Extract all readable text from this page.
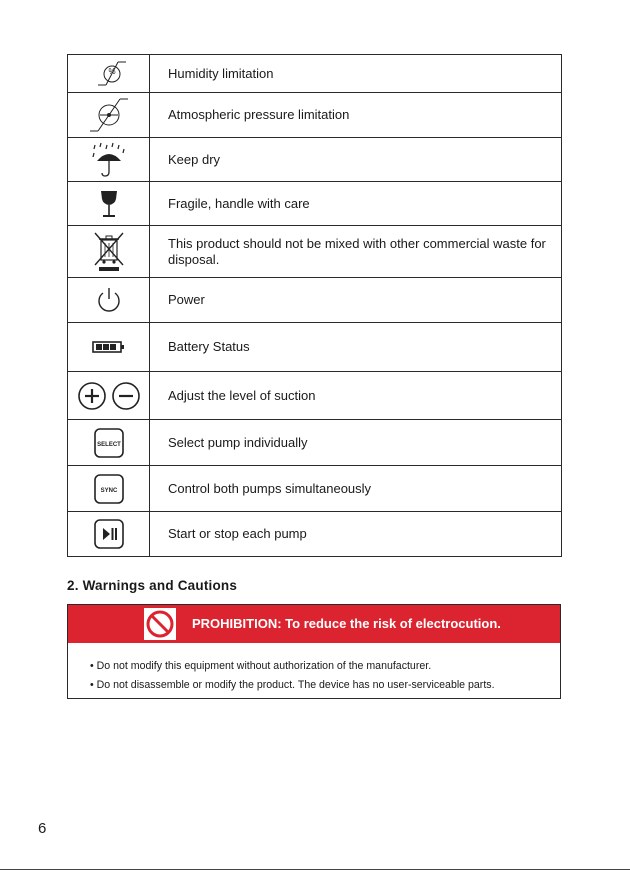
%	Humidity limitation

	Atmospheric pressure limitation

	Keep dry

	Fragile, handle with care

	This product should not be mixed with other commercial waste for disposal.

	Power

	Battery Status

	Adjust the level of suction

SELECT	Select pump individually

SYNC	Control both pumps simultaneously

	Start or stop each pump
2. Warnings and Cautions
PROHIBITION: To reduce the risk of electrocution.
• Do not modify this equipment without authorization of the manufacturer.
• Do not disassemble or modify the product. The device has no user-serviceable parts.
6
